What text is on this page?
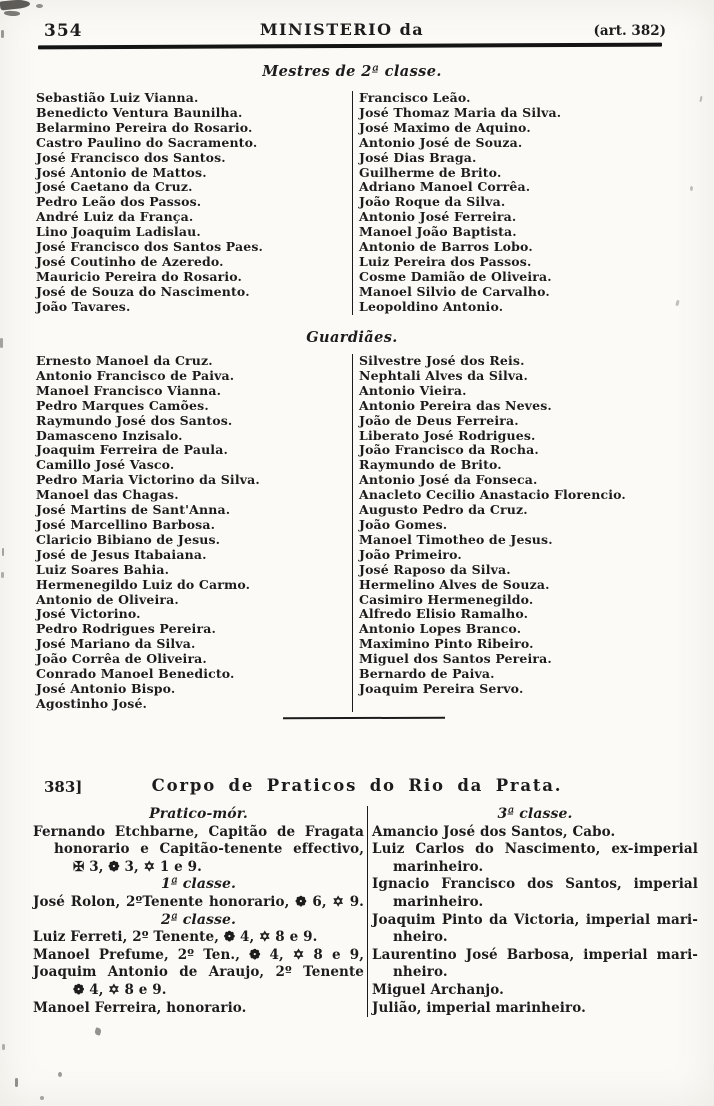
354	MINISTERIO da	(art. 382)
Mestres de 2ª classe.
Sebastião Luiz Vianna.
Benedicto Ventura Baunilha.
Belarmino Pereira do Rosario.
Castro Paulino do Sacramento.
José Francisco dos Santos.
José Antonio de Mattos.
José Caetano da Cruz.
Pedro Leão dos Passos.
André Luiz da França.
Lino Joaquim Ladislau.
José Francisco dos Santos Paes.
José Coutinho de Azeredo.
Mauricio Pereira do Rosario.
José de Souza do Nascimento.
João Tavares.
Francisco Leão.
José Thomaz Maria da Silva.
José Maximo de Aquino.
Antonio José de Souza.
José Dias Braga.
Guilherme de Brito.
Adriano Manoel Corrêa.
João Roque da Silva.
Antonio José Ferreira.
Manoel João Baptista.
Antonio de Barros Lobo.
Luiz Pereira dos Passos.
Cosme Damião de Oliveira.
Manoel Silvio de Carvalho.
Leopoldino Antonio.
Guardiães.
Ernesto Manoel da Cruz.
Antonio Francisco de Paiva.
Manoel Francisco Vianna.
Pedro Marques Camões.
Raymundo José dos Santos.
Damasceno Inzisalo.
Joaquim Ferreira de Paula.
Camillo José Vasco.
Pedro Maria Victorino da Silva.
Manoel das Chagas.
José Martins de Sant'Anna.
José Marcellino Barbosa.
Claricio Bibiano de Jesus.
José de Jesus Itabaiana.
Luiz Soares Bahia.
Hermenegildo Luiz do Carmo.
Antonio de Oliveira.
José Victorino.
Pedro Rodrigues Pereira.
José Mariano da Silva.
João Corrêa de Oliveira.
Conrado Manoel Benedicto.
José Antonio Bispo.
Agostinho José.
Silvestre José dos Reis.
Nephtali Alves da Silva.
Antonio Vieira.
Antonio Pereira das Neves.
João de Deus Ferreira.
Liberato José Rodrigues.
João Francisco da Rocha.
Raymundo de Brito.
Antonio José da Fonseca.
Anacleto Cecilio Anastacio Florencio.
Augusto Pedro da Cruz.
João Gomes.
Manoel Timotheo de Jesus.
João Primeiro.
José Raposo da Silva.
Hermelino Alves de Souza.
Casimiro Hermenegildo.
Alfredo Elisio Ramalho.
Antonio Lopes Branco.
Maximino Pinto Ribeiro.
Miguel dos Santos Pereira.
Bernardo de Paiva.
Joaquim Pereira Servo.
383]	Corpo de Praticos do Rio da Prata.
Pratico-mór.
Fernando Etchbarne, Capitão de Fragata
honorario e Capitão-tenente effectivo,
✠ 3, ❁ 3, ✡ 1 e 9.
1ª classe.
José Rolon, 2ºTenente honorario, ❁ 6, ✡ 9.
2ª classe.
Luiz Ferreti, 2º Tenente, ❁ 4, ✡ 8 e 9.
Manoel Prefume, 2º Ten., ❁ 4, ✡ 8 e 9,
Joaquim Antonio de Araujo, 2º Tenente
❁ 4, ✡ 8 e 9.
Manoel Ferreira, honorario.
3ª classe.
Amancio José dos Santos, Cabo.
Luiz Carlos do Nascimento, ex-imperial
marinheiro.
Ignacio Francisco dos Santos, imperial
marinheiro.
Joaquim Pinto da Victoria, imperial mari-
nheiro.
Laurentino José Barbosa, imperial mari-
nheiro.
Miguel Archanjo.
Julião, imperial marinheiro.
